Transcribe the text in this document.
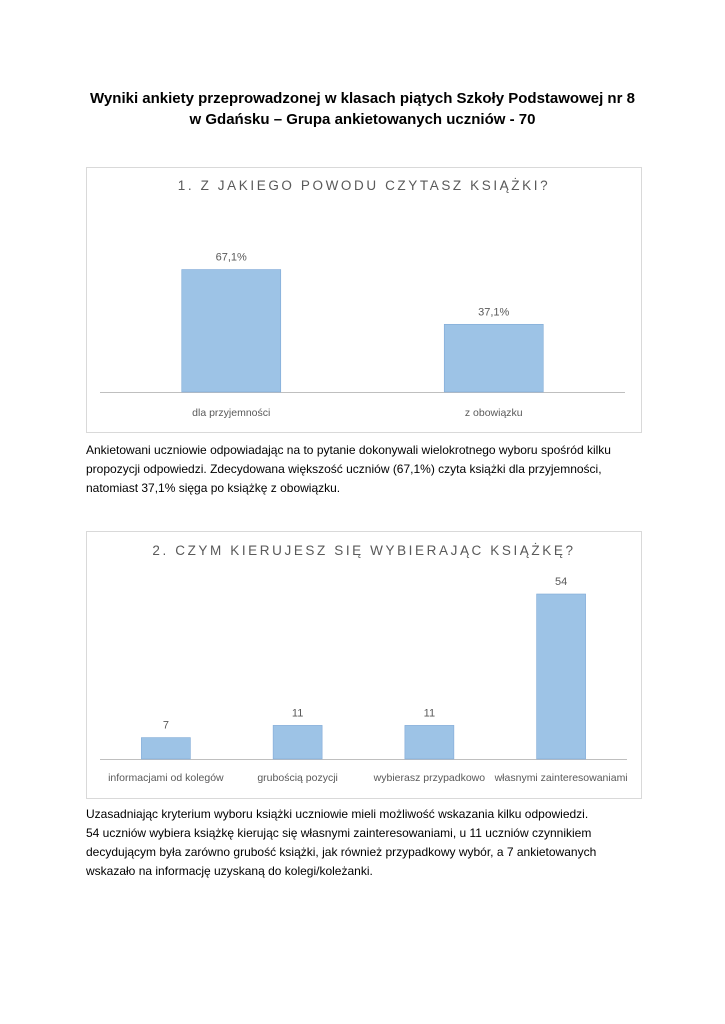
Wyniki ankiety przeprowadzonej w klasach piątych Szkoły Podstawowej nr 8
w Gdańsku – Grupa ankietowanych uczniów - 70
1. Z JAKIEGO POWODU CZYTASZ KSIĄŻKI?
67,1%
dla przyjemności
37,1%
z obowiązku
Ankietowani uczniowie odpowiadając na to pytanie dokonywali wielokrotnego wyboru spośród kilku
propozycji odpowiedzi. Zdecydowana większość uczniów (67,1%) czyta książki dla przyjemności,
natomiast 37,1% sięga po książkę z obowiązku.
2. CZYM KIERUJESZ SIĘ WYBIERAJĄC KSIĄŻKĘ?
7
informacjami od kolegów
11
grubością pozycji
11
wybierasz przypadkowo
54
własnymi zainteresowaniami
Uzasadniając kryterium wyboru książki uczniowie mieli możliwość wskazania kilku odpowiedzi.
54 uczniów wybiera książkę kierując się własnymi zainteresowaniami, u 11 uczniów czynnikiem
decydującym była zarówno grubość książki, jak również przypadkowy wybór, a 7 ankietowanych
wskazało na informację uzyskaną do kolegi/koleżanki.
